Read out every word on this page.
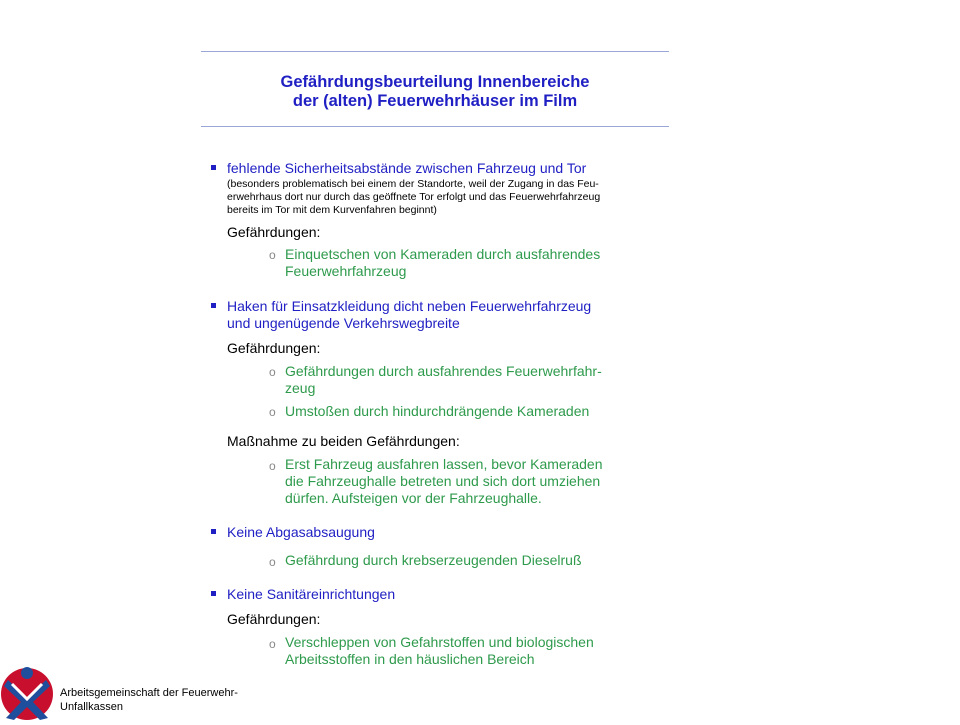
Gefährdungsbeurteilung Innenbereiche
der (alten) Feuerwehrhäuser im Film
fehlende Sicherheitsabstände zwischen Fahrzeug und Tor
(besonders problematisch bei einem der Standorte, weil der Zugang in das Feu-
erwehrhaus dort nur durch das geöffnete Tor erfolgt und das Feuerwehrfahrzeug
bereits im Tor mit dem Kurvenfahren beginnt)
Gefährdungen:
o Einquetschen von Kameraden durch ausfahrendes
Feuerwehrfahrzeug
Haken für Einsatzkleidung dicht neben Feuerwehrfahrzeug
und ungenügende Verkehrswegbreite
Gefährdungen:
o Gefährdungen durch ausfahrendes Feuerwehrfahr-
zeug
o Umstoßen durch hindurchdrängende Kameraden
Maßnahme zu beiden Gefährdungen:
o Erst Fahrzeug ausfahren lassen, bevor Kameraden
die Fahrzeughalle betreten und sich dort umziehen
dürfen. Aufsteigen vor der Fahrzeughalle.
Keine Abgasabsaugung
o Gefährdung durch krebserzeugenden Dieselruß
Keine Sanitäreinrichtungen
Gefährdungen:
o Verschleppen von Gefahrstoffen und biologischen
Arbeitsstoffen in den häuslichen Bereich
Arbeitsgemeinschaft der Feuerwehr-
Unfallkassen
